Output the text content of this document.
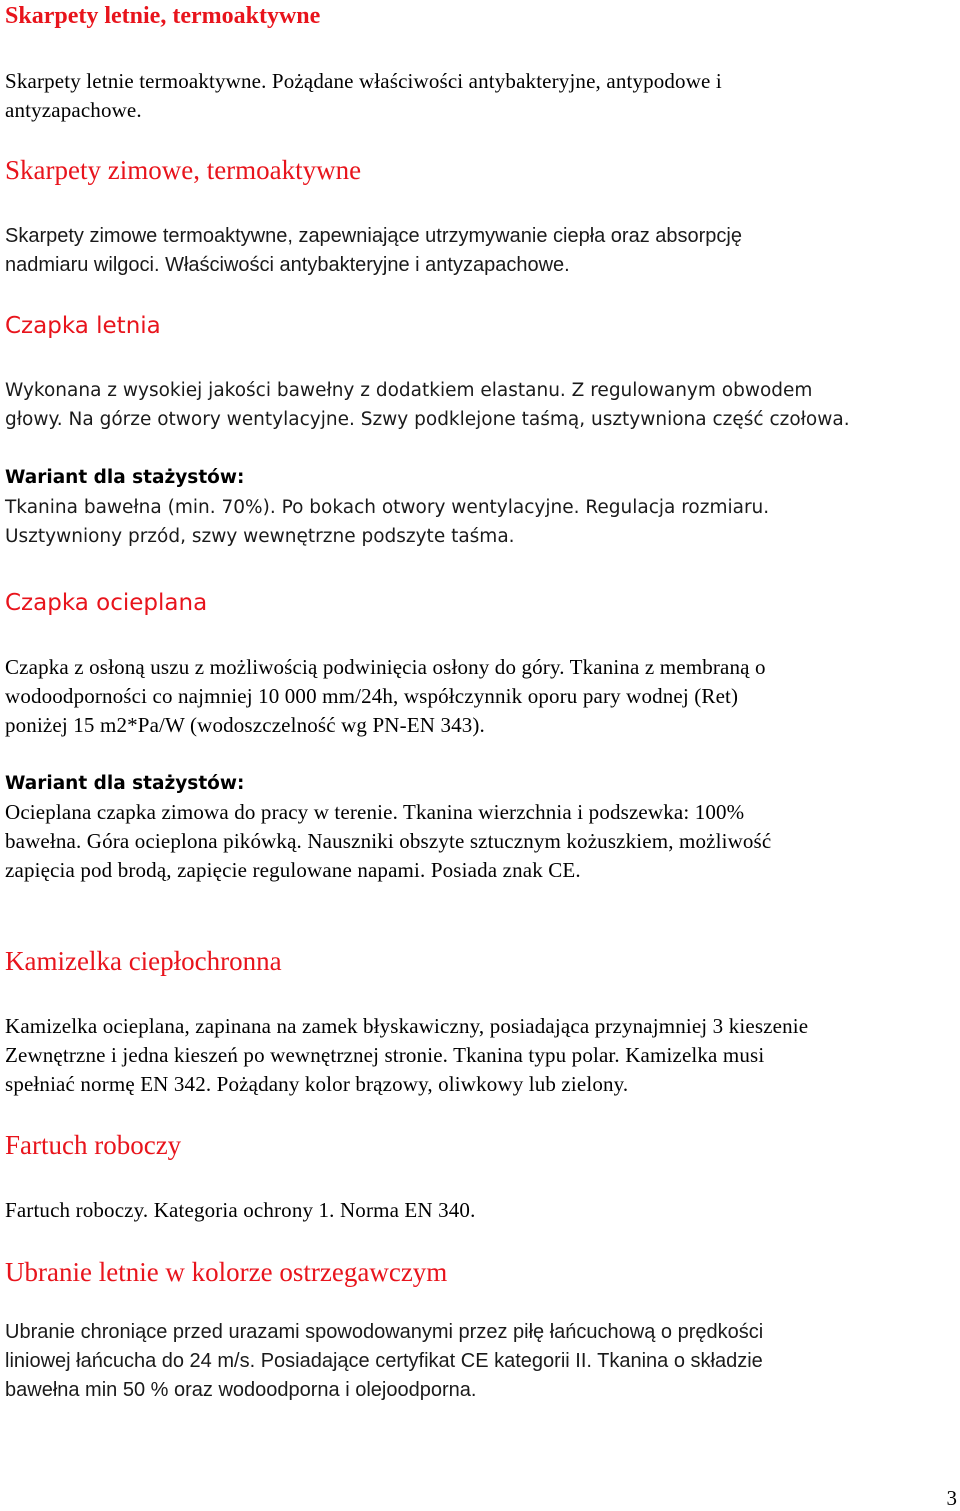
Skarpety letnie, termoaktywne

Skarpety letnie termoaktywne. Pożądane właściwości antybakteryjne, antypodowe i
antyzapachowe.

Skarpety zimowe, termoaktywne

Skarpety zimowe termoaktywne, zapewniające utrzymywanie ciepła oraz absorpcję
nadmiaru wilgoci. Właściwości antybakteryjne i antyzapachowe.

Czapka letnia

Wykonana z wysokiej jakości bawełny z dodatkiem elastanu. Z regulowanym obwodem
głowy. Na górze otwory wentylacyjne. Szwy podklejone taśmą, usztywniona część czołowa.

Wariant dla stażystów:

Tkanina bawełna (min. 70%). Po bokach otwory wentylacyjne. Regulacja rozmiaru.
Usztywniony przód, szwy wewnętrzne podszyte taśma.

Czapka ocieplana

Czapka z osłoną uszu z możliwością podwinięcia osłony do góry. Tkanina z membraną o
wodoodporności co najmniej 10 000 mm/24h, współczynnik oporu pary wodnej (Ret)
poniżej 15 m2*Pa/W (wodoszczelność wg PN-EN 343).

Wariant dla stażystów:

Ocieplana czapka zimowa do pracy w terenie. Tkanina wierzchnia i podszewka: 100%
bawełna. Góra ocieplona pikówką. Nauszniki obszyte sztucznym kożuszkiem, możliwość
zapięcia pod brodą, zapięcie regulowane napami. Posiada znak CE.

Kamizelka ciepłochronna

Kamizelka ocieplana, zapinana na zamek błyskawiczny, posiadająca przynajmniej 3 kieszenie
Zewnętrzne i jedna kieszeń po wewnętrznej stronie. Tkanina typu polar. Kamizelka musi
spełniać normę EN 342. Pożądany kolor brązowy, oliwkowy lub zielony.

Fartuch roboczy

Fartuch roboczy. Kategoria ochrony 1. Norma EN 340.

Ubranie letnie w kolorze ostrzegawczym

Ubranie chroniące przed urazami spowodowanymi przez piłę łańcuchową o prędkości
liniowej łańcucha do 24 m/s. Posiadające certyfikat CE kategorii II. Tkanina o składzie
bawełna min 50 % oraz wodoodporna i olejoodporna.

3
